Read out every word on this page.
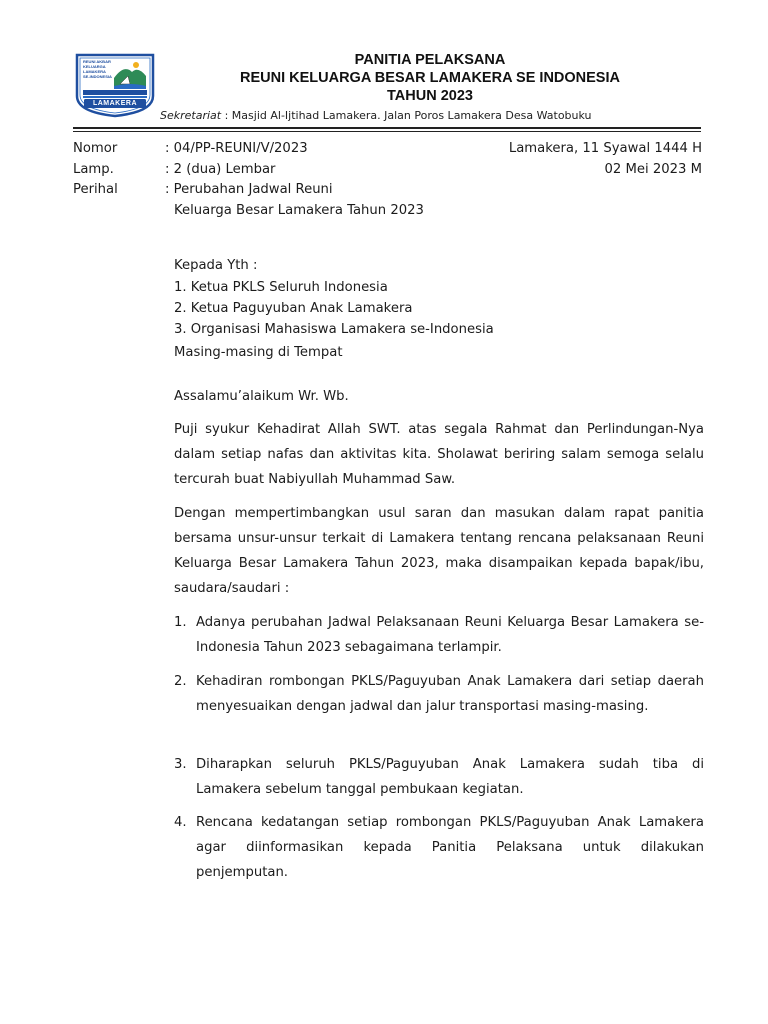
REUNI AKBAR
KELUARGA
LAMAKERA
SE-INDONESIA
LAMAKERA
PANITIA PELAKSANA
REUNI KELUARGA BESAR LAMAKERA SE INDONESIA
TAHUN 2023
Sekretariat : Masjid Al-Ijtihad Lamakera. Jalan Poros Lamakera Desa Watobuku
Nomor	: 04/PP-REUNI/V/2023	Lamakera, 11 Syawal 1444 H
Lamp.	: 2 (dua) Lembar	02 Mei 2023 M
Perihal	: Perubahan Jadwal Reuni
Keluarga Besar Lamakera Tahun 2023
Kepada Yth :
1. Ketua PKLS Seluruh Indonesia
2. Ketua Paguyuban Anak Lamakera
3. Organisasi Mahasiswa Lamakera se-Indonesia
Masing-masing di Tempat
Assalamu’alaikum Wr. Wb.
Puji syukur Kehadirat Allah SWT. atas segala Rahmat dan Perlindungan-Nya dalam setiap nafas dan aktivitas kita. Sholawat beriring salam semoga selalu tercurah buat Nabiyullah Muhammad Saw.
Dengan mempertimbangkan usul saran dan masukan dalam rapat panitia bersama unsur-unsur terkait di Lamakera tentang rencana pelaksanaan Reuni Keluarga Besar Lamakera Tahun 2023, maka disampaikan kepada bapak/ibu, saudara/saudari :
1. Adanya perubahan Jadwal Pelaksanaan Reuni Keluarga Besar Lamakera se-Indonesia Tahun 2023 sebagaimana terlampir.
2. Kehadiran rombongan PKLS/Paguyuban Anak Lamakera dari setiap daerah menyesuaikan dengan jadwal dan jalur transportasi masing-masing.
3. Diharapkan seluruh PKLS/Paguyuban Anak Lamakera sudah tiba di Lamakera sebelum tanggal pembukaan kegiatan.
4. Rencana kedatangan setiap rombongan PKLS/Paguyuban Anak Lamakera agar diinformasikan kepada Panitia Pelaksana untuk dilakukan penjemputan.
